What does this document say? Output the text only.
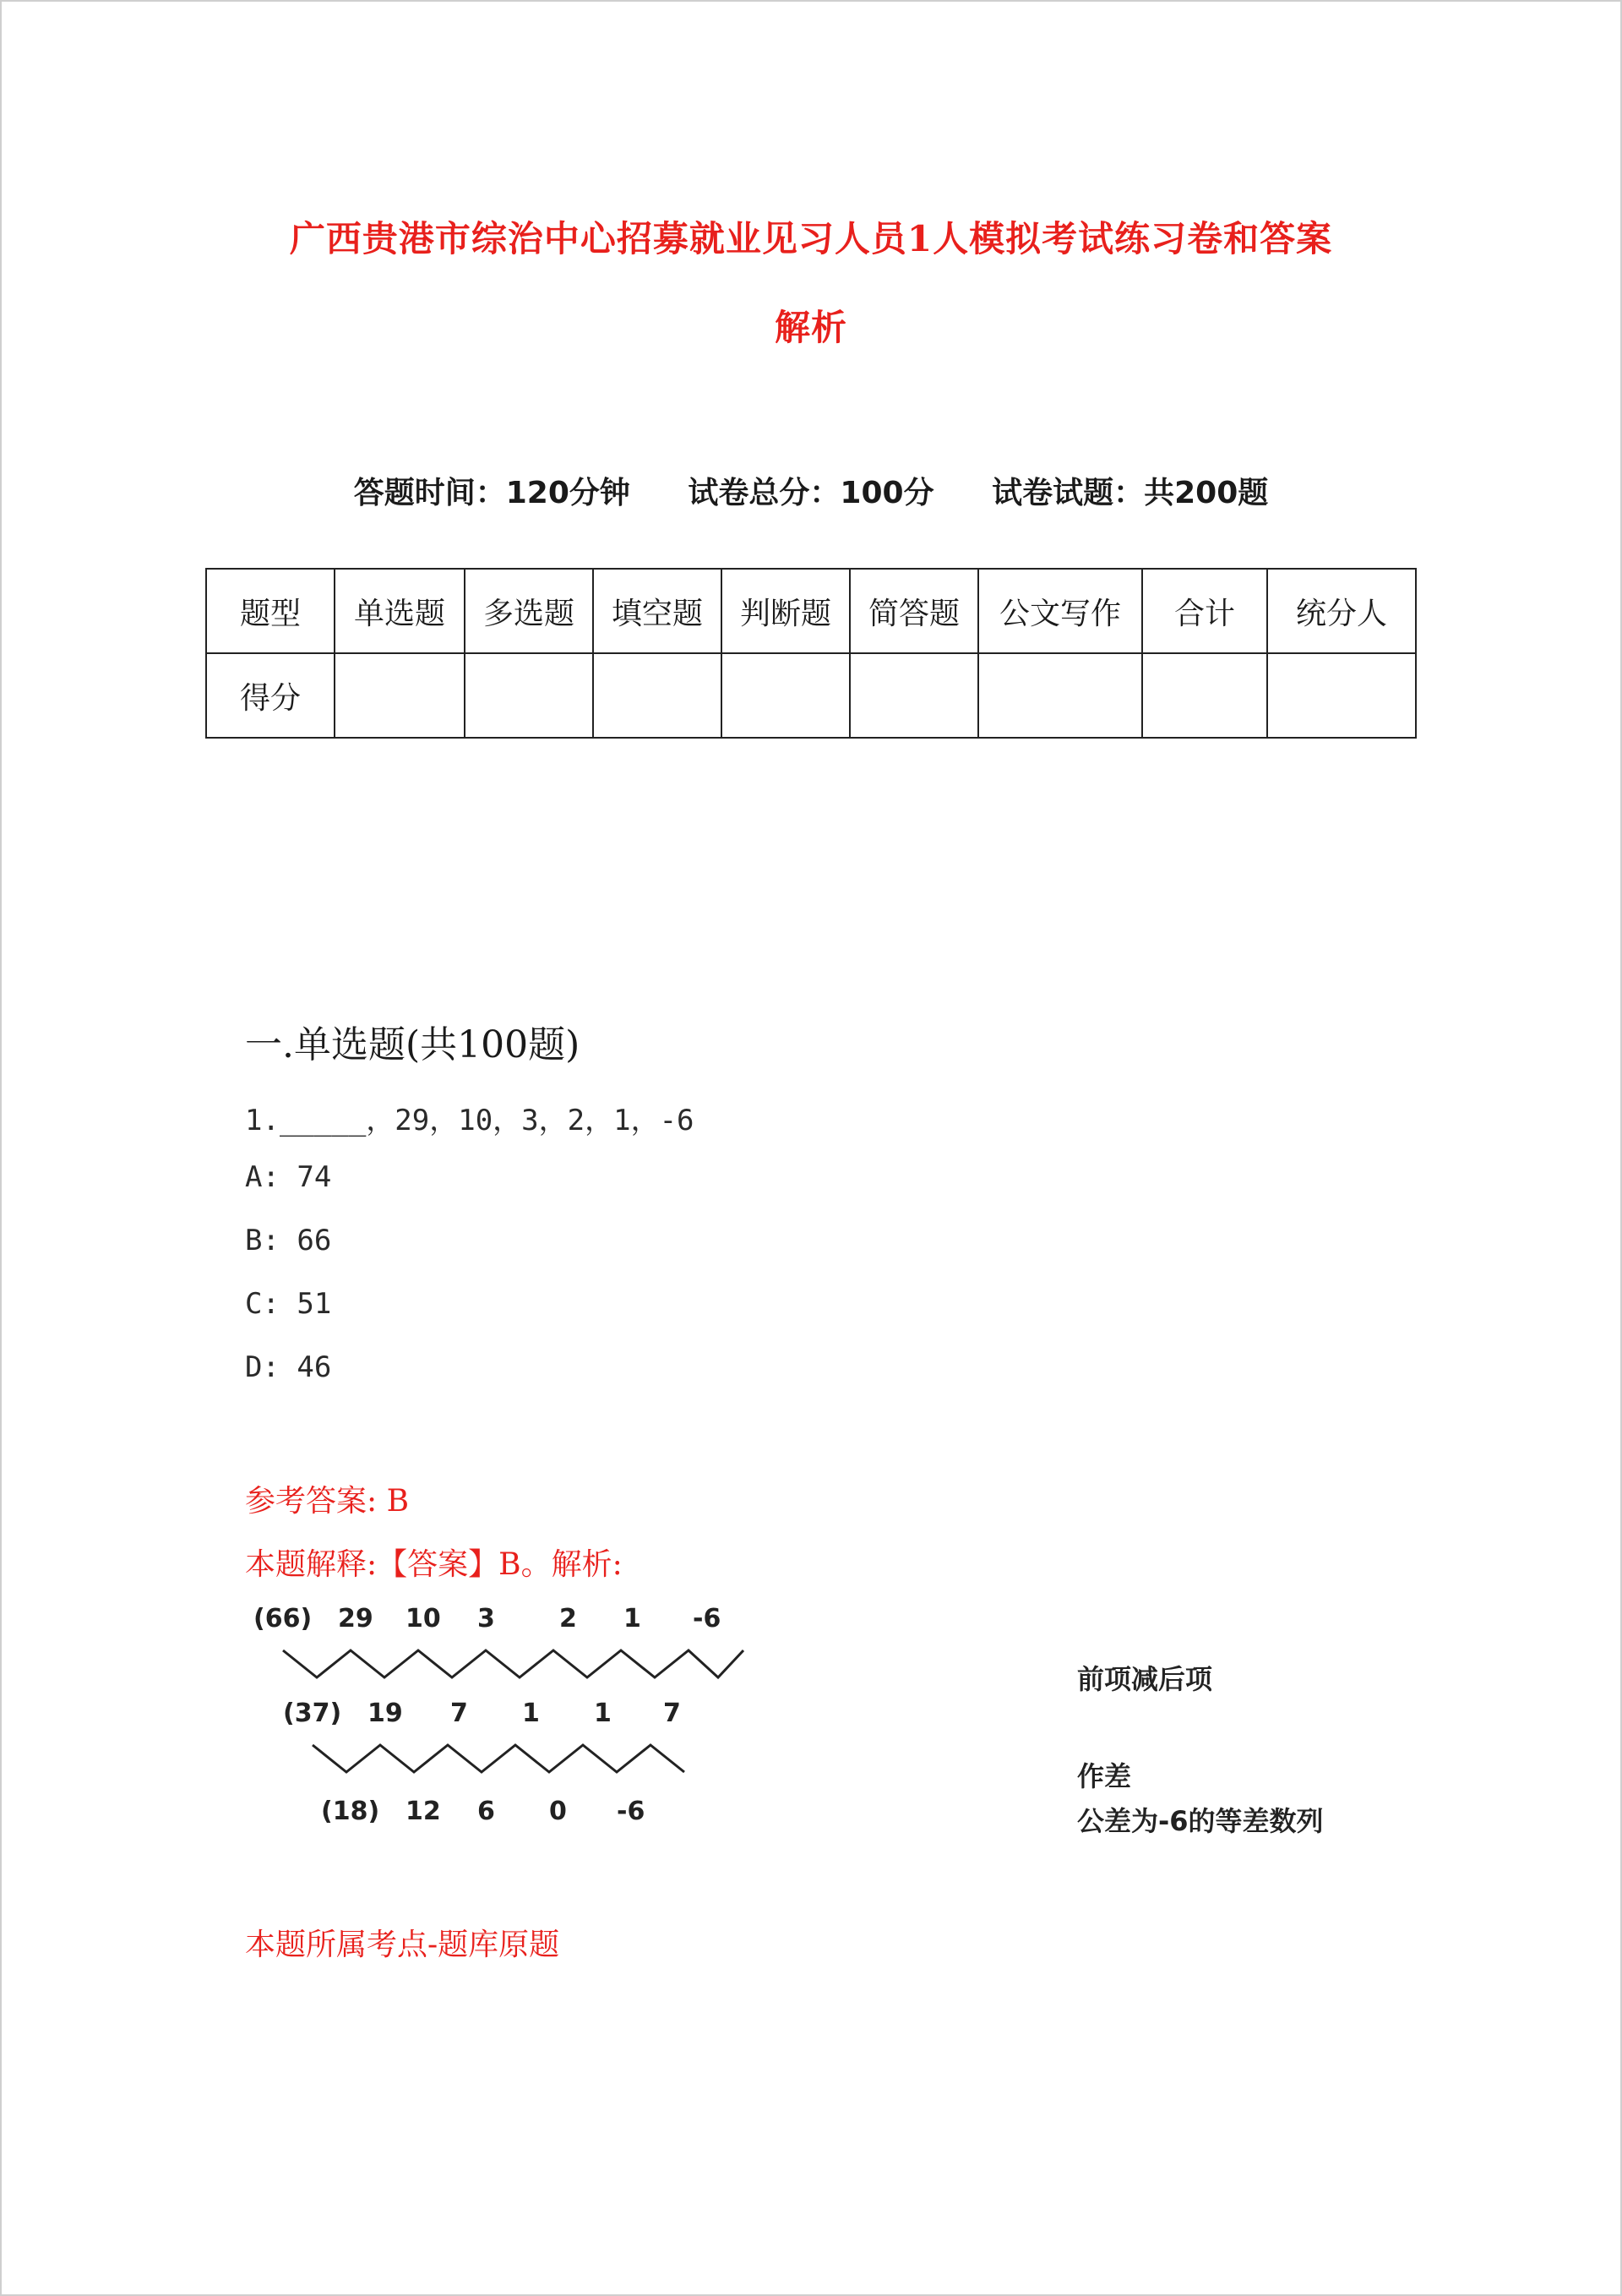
广西贵港市综治中心招募就业见习人员1人模拟考试练习卷和答案
解析
答题时间：120分钟 试卷总分：100分 试卷试题：共200题
题型	单选题	多选题	填空题	判断题	简答题	公文写作	合计	统分人
得分								
一.单选题(共100题)
1._____，29，10，3，2，1，-6
A: 74
B: 66
C: 51
D: 46
参考答案: B
本题解释:【答案】B。解析:
(66) 29 10 3	2 1 -6
(37) 19 7 1 1 7
(18) 12 6 0 -6
前项减后项
作差
公差为-6的等差数列
本题所属考点-题库原题
